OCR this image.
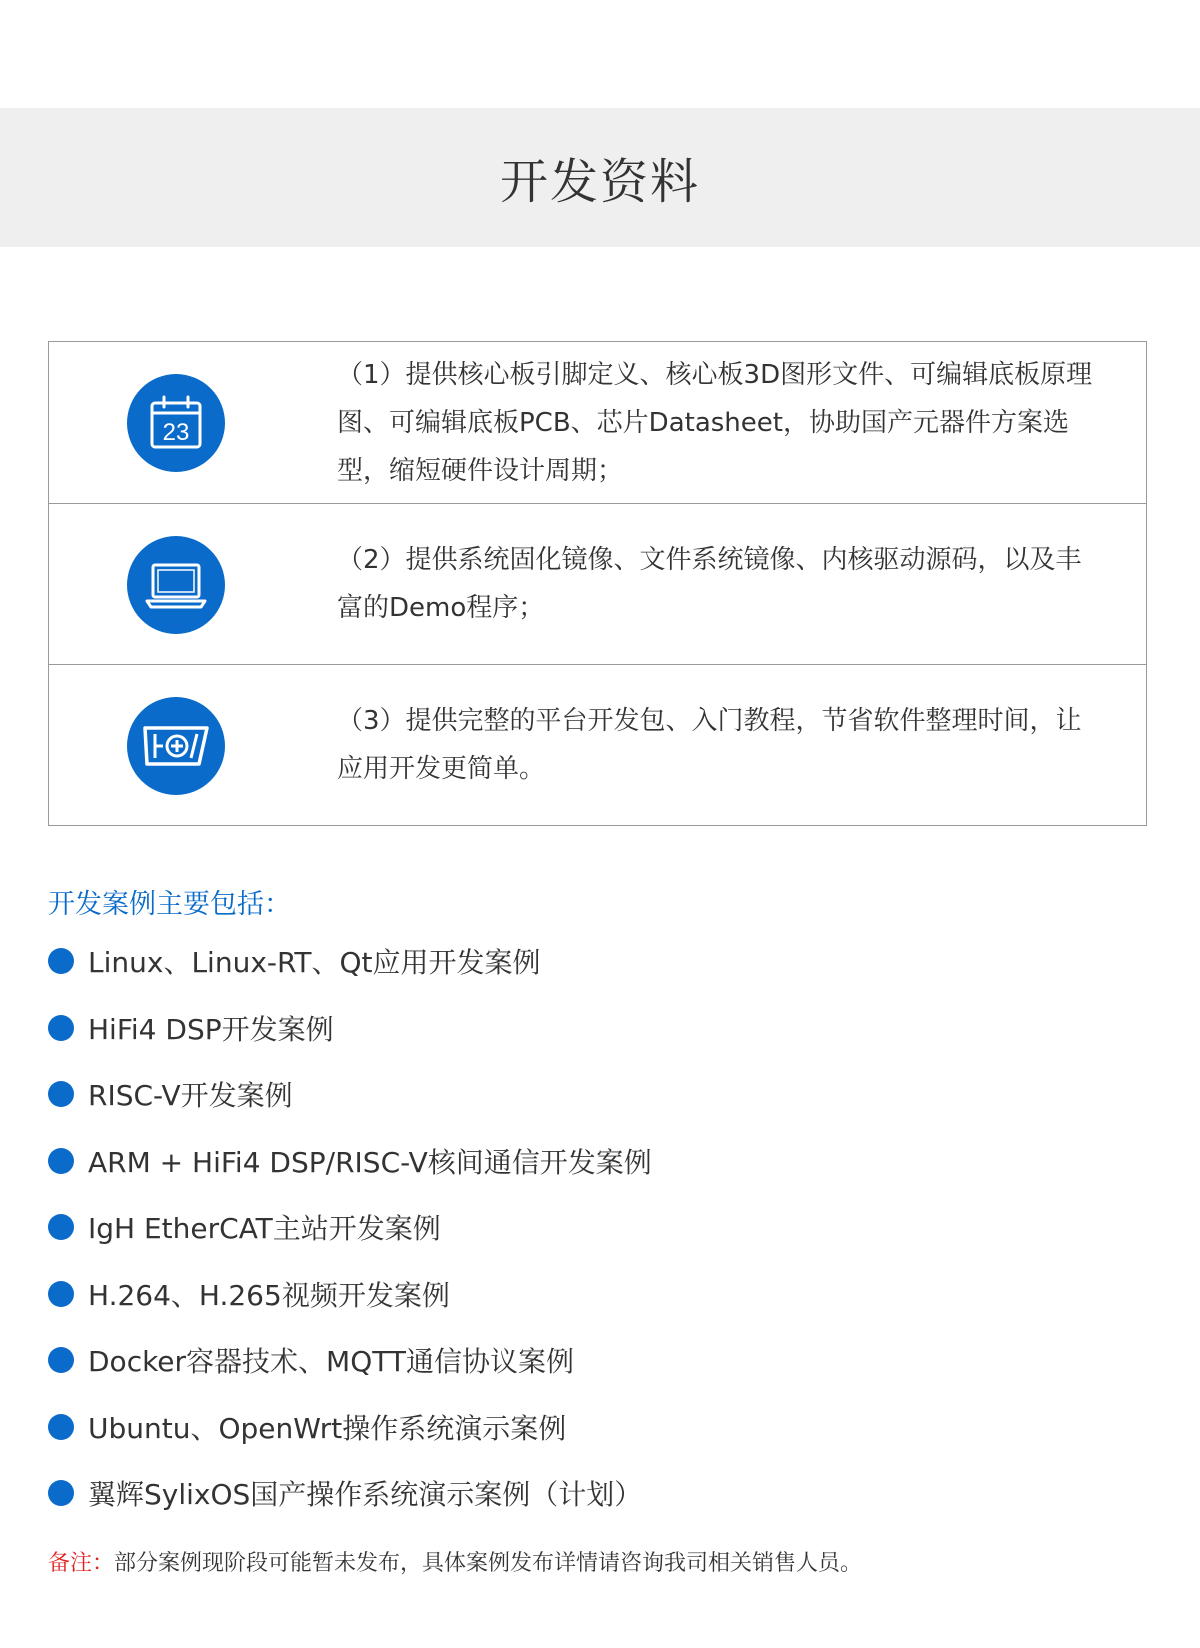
开发资料
23
（1）提供核心板引脚定义、核心板3D图形文件、可编辑底板原理图、可编辑底板PCB、芯片Datasheet，协助国产元器件方案选型，缩短硬件设计周期；
（2）提供系统固化镜像、文件系统镜像、内核驱动源码，以及丰富的Demo程序；
（3）提供完整的平台开发包、入门教程，节省软件整理时间，让应用开发更简单。
开发案例主要包括：
Linux、Linux-RT、Qt应用开发案例
HiFi4 DSP开发案例
RISC-V开发案例
ARM + HiFi4 DSP/RISC-V核间通信开发案例
IgH EtherCAT主站开发案例
H.264、H.265视频开发案例
Docker容器技术、MQTT通信协议案例
Ubuntu、OpenWrt操作系统演示案例
翼辉SylixOS国产操作系统演示案例（计划）
备注：部分案例现阶段可能暂未发布，具体案例发布详情请咨询我司相关销售人员。
